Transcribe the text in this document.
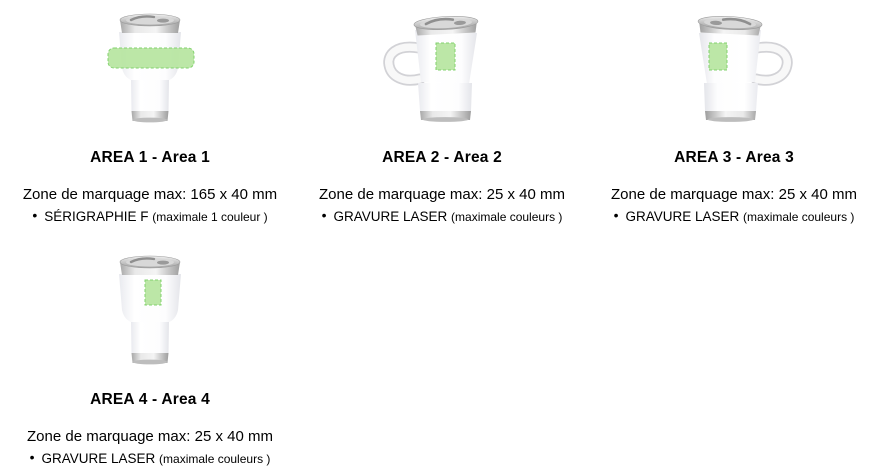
AREA 1 - Area 1

Zone de marquage max: 165 x 40 mm

• SÉRIGRAPHIE F (maximale 1 couleur )

AREA 2 - Area 2

Zone de marquage max: 25 x 40 mm

• GRAVURE LASER (maximale couleurs )

AREA 3 - Area 3

Zone de marquage max: 25 x 40 mm

• GRAVURE LASER (maximale couleurs )

AREA 4 - Area 4

Zone de marquage max: 25 x 40 mm

• GRAVURE LASER (maximale couleurs )
